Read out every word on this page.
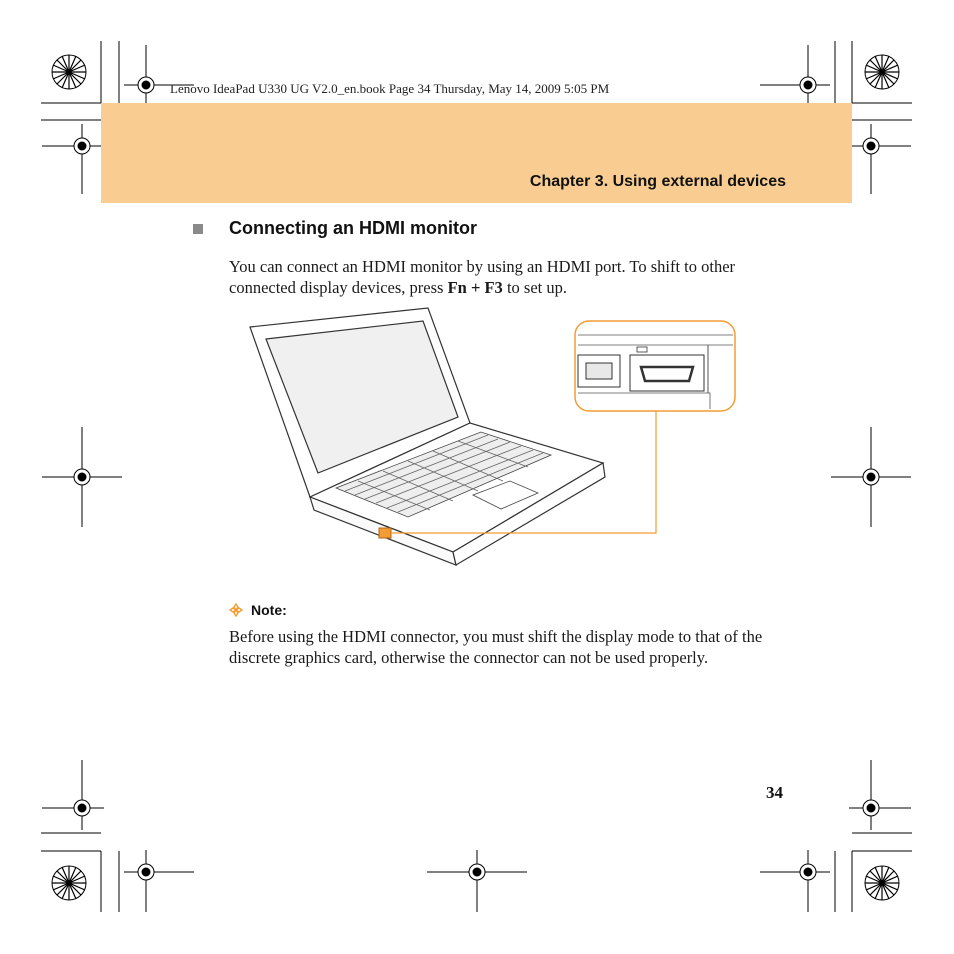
Lenovo IdeaPad U330 UG V2.0_en.book Page 34 Thursday, May 14, 2009 5:05 PM
Chapter 3. Using external devices
Connecting an HDMI monitor
You can connect an HDMI monitor by using an HDMI port. To shift to other connected display devices, press Fn + F3 to set up.
Note:
Before using the HDMI connector, you must shift the display mode to that of the discrete graphics card, otherwise the connector can not be used properly.
34
